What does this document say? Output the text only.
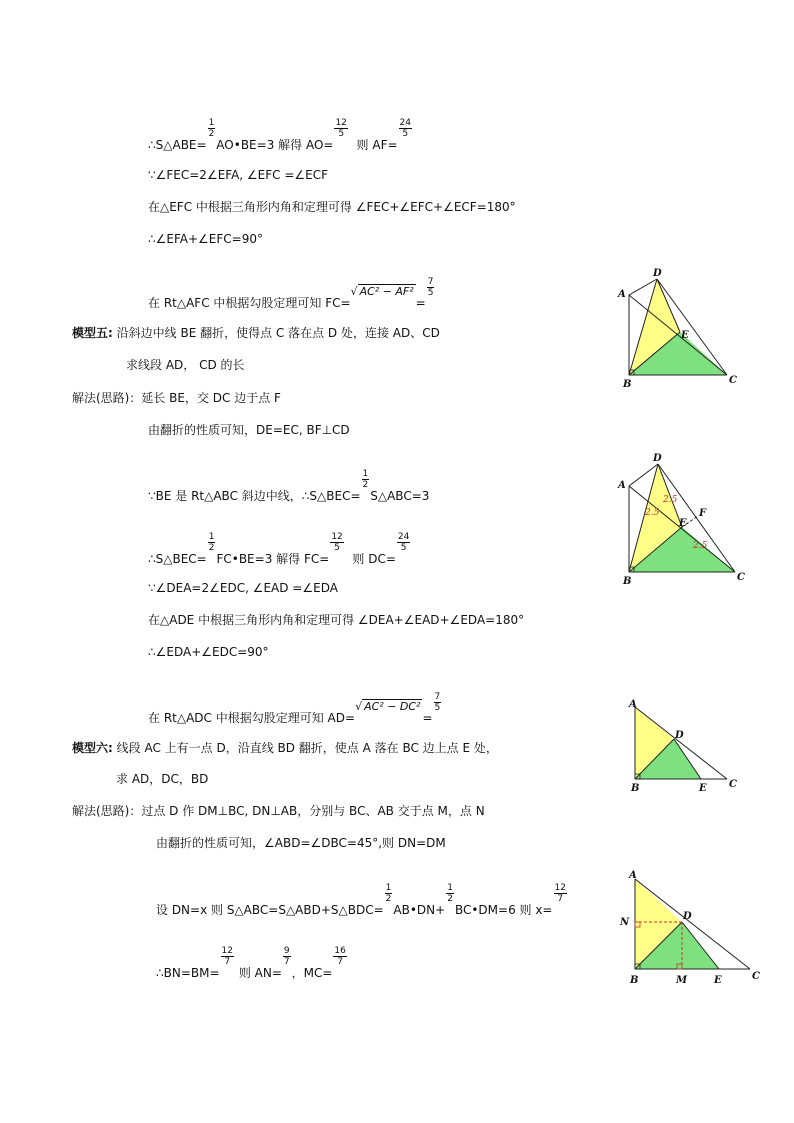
∴S△ABE=
$\frac{1}{2}$
AO•BE=3 解得 AO=
$\frac{12}{5}$
则 AF=
$\frac{24}{5}$
∵∠FEC=2∠EFA, ∠EFC =∠ECF
在△EFC 中根据三角形内角和定理可得 ∠FEC+∠EFC+∠ECF=180°
∴∠EFA+∠EFC=90°
在 Rt△AFC 中根据勾股定理可知 FC=√ AC² − AF²=
$\frac{7}{5}$
模型五: 沿斜边中线 BE 翻折，使得点 C 落在点 D 处，连接 AD、CD
求线段 AD， CD 的长
解法(思路)：延长 BE，交 DC 边于点 F
由翻折的性质可知，DE=EC, BF⊥CD
∵BE 是 Rt△ABC 斜边中线，∴S△BEC=
$\frac{1}{2}$
S△ABC=3
∴S△BEC=
$\frac{1}{2}$
FC•BE=3 解得 FC=
$\frac{12}{5}$
则 DC=
$\frac{24}{5}$
∵∠DEA=2∠EDC, ∠EAD =∠EDA
在△ADE 中根据三角形内角和定理可得 ∠DEA+∠EAD+∠EDA=180°
∴∠EDA+∠EDC=90°
在 Rt△ADC 中根据勾股定理可知 AD=√ AC² − DC²=
$\frac{7}{5}$
模型六: 线段 AC 上有一点 D，沿直线 BD 翻折，使点 A 落在 BC 边上点 E 处，
求 AD，DC，BD
解法(思路)：过点 D 作 DM⊥BC, DN⊥AB，分别与 BC、AB 交于点 M，点 N
由翻折的性质可知，∠ABD=∠DBC=45°,则 DN=DM
设 DN=x 则 S△ABC=S△ABD+S△BDC=
$\frac{1}{2}$
AB•DN+
$\frac{1}{2}$
BC•DM=6 则 x=
$\frac{12}{7}$
∴BN=BM=
$\frac{12}{7}$
则 AN=
$\frac{9}{7}$
，MC=
$\frac{16}{7}$
A
D
E
B	C
A
D
E
F
B	C
2.5
2.5
2.5
A
D
B	E C
A
N
D
B	M	E	C
